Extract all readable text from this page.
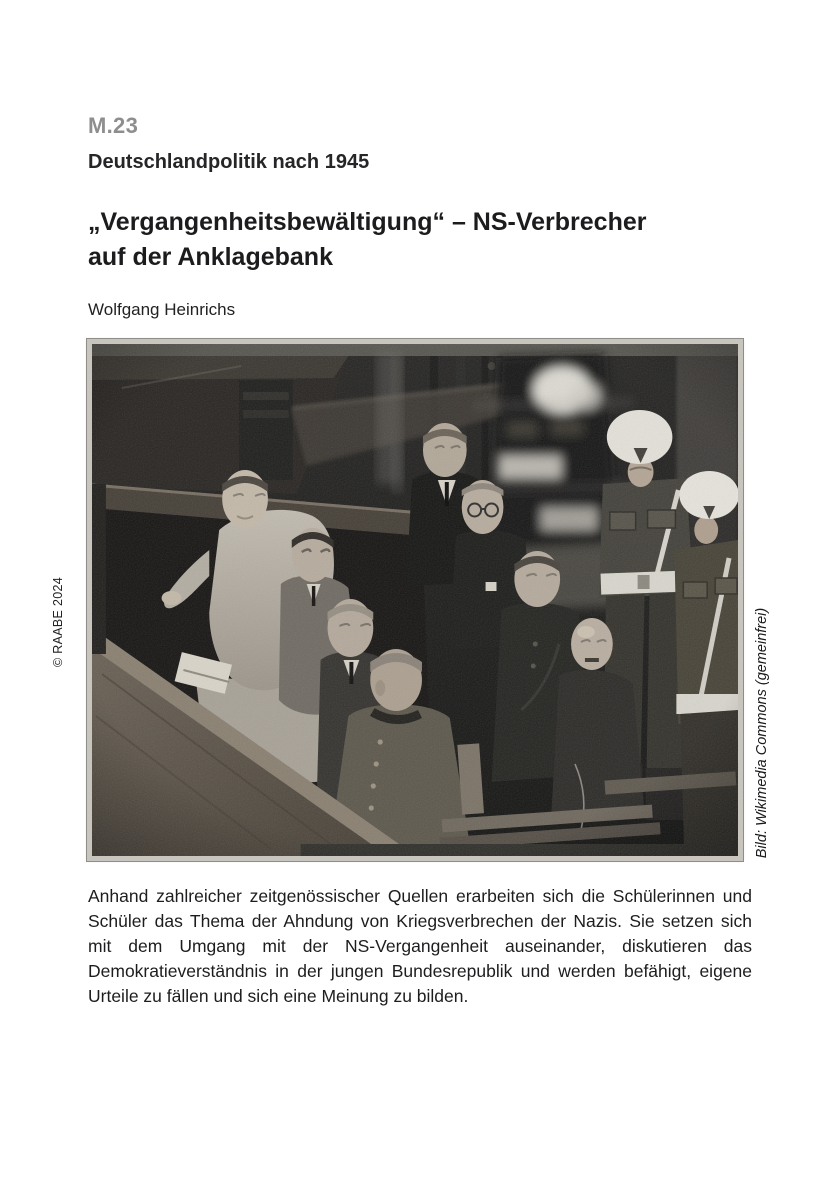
M.23
Deutschlandpolitik nach 1945
„Vergangenheitsbewältigung“ – NS-Verbrecher auf der Anklagebank
Wolfgang Heinrichs
© RAABE 2024	Bild: Wikimedia Commons (gemeinfrei)

Anhand zahlreicher zeitgenössischer Quellen erarbeiten sich die Schülerinnen und Schüler das Thema der Ahndung von Kriegsverbrechen der Nazis. Sie setzen sich mit dem Umgang mit der NS-Vergangenheit auseinander, diskutieren das Demokratieverständnis in der jungen Bundesrepublik und werden befähigt, eigene Urteile zu fällen und sich eine Meinung zu bilden.
